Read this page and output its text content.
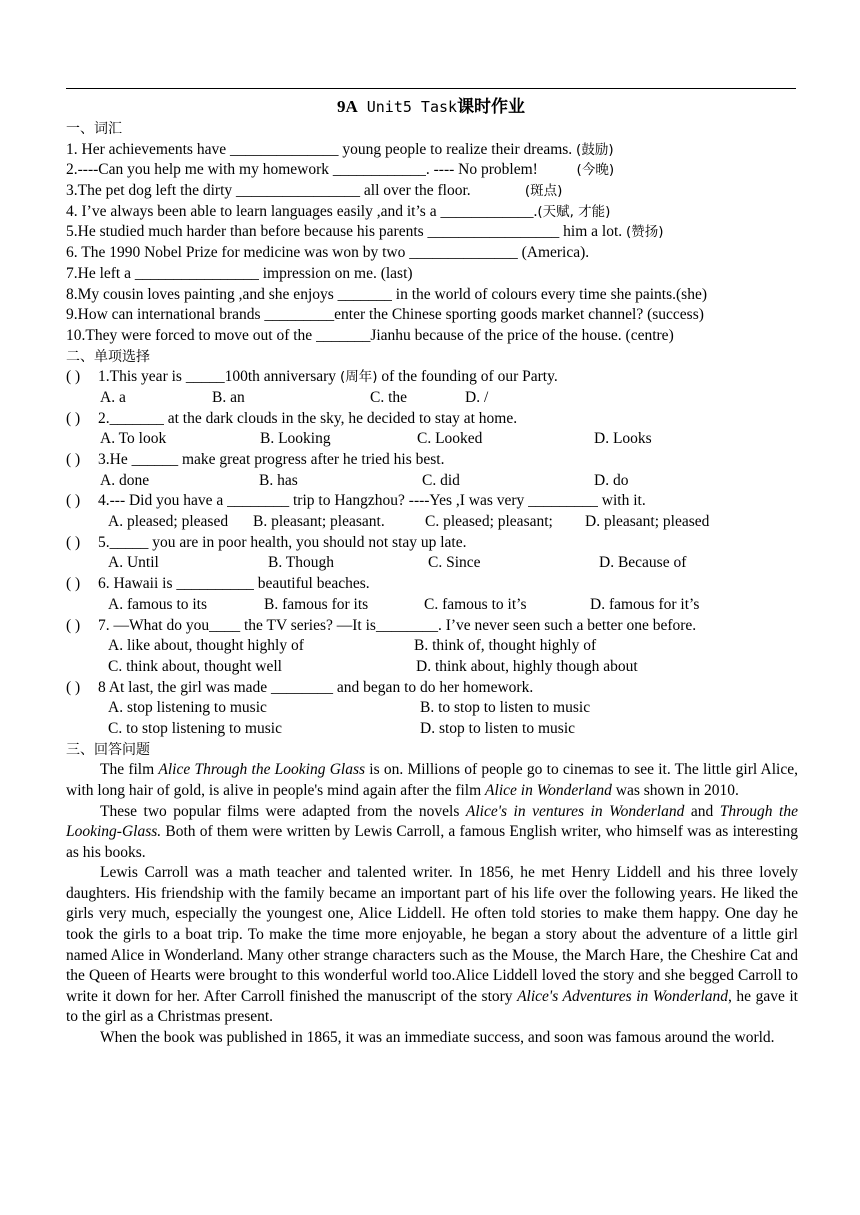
9A Unit5 Task课时作业
一、词汇
1. Her achievements have ______________ young people to realize their dreams. (鼓励)
2.----Can you help me with my homework ____________. ---- No problem!          (今晚)
3.The pet dog left the dirty ________________ all over the floor.              (斑点)
4. I’ve always been able to learn languages easily ,and it’s a ____________.(天赋, 才能)
5.He studied much harder than before because his parents _________________ him a lot. (赞扬)
6. The 1990 Nobel Prize for medicine was won by two ______________ (America).
7.He left a ________________ impression on me. (last)
8.My cousin loves painting ,and she enjoys _______ in the world of colours every time she paints.(she)
9.How can international brands _________enter the Chinese sporting goods market channel? (success)
10.They were forced to move out of the _______Jianhu because of the price of the house. (centre)
二、单项选择
( ) 1.This year is _____100th anniversary (周年) of the founding of our Party.
A. a	B. an	C. the	D. /
( ) 2._______ at the dark clouds in the sky, he decided to stay at home.
A. To look	B. Looking	C. Looked	D. Looks
( ) 3.He ______ make great progress after he tried his best.
A. done	B. has	C. did	D. do
( ) 4.--- Did you have a ________ trip to Hangzhou? ----Yes ,I was very _________ with it.
A. pleased; pleased B. pleasant; pleasant.	C. pleased; pleasant; D. pleasant; pleased
( ) 5._____ you are in poor health, you should not stay up late.
A. Until	B. Though	C. Since	D. Because of
( ) 6. Hawaii is __________ beautiful beaches.
A. famous to its	B. famous for its	C. famous to it’s	D. famous for it’s
( ) 7. —What do you____ the TV series? —It is________. I’ve never seen such a better one before.
A. like about, thought highly of	B. think of, thought highly of
C. think about, thought well	D. think about, highly though about
( ) 8 At last, the girl was made ________ and began to do her homework.
A. stop listening to music	B. to stop to listen to music
C. to stop listening to music	D. stop to listen to music
三、回答问题

The film Alice Through the Looking Glass is on. Millions of people go to cinemas to see it. The little girl Alice, with long hair of gold, is alive in people's mind again after the film Alice in Wonderland was shown in 2010.

These two popular films were adapted from the novels Alice's in ventures in Wonderland and Through the Looking-Glass. Both of them were written by Lewis Carroll, a famous English writer, who himself was as interesting as his books.

Lewis Carroll was a math teacher and talented writer. In 1856, he met Henry Liddell and his three lovely daughters. His friendship with the family became an important part of his life over the following years. He liked the girls very much, especially the youngest one, Alice Liddell. He often told stories to make them happy. One day he took the girls to a boat trip. To make the time more enjoyable, he began a story about the adventure of a little girl named Alice in Wonderland. Many other strange characters such as the Mouse, the March Hare, the Cheshire Cat and the Queen of Hearts were brought to this wonderful world too.Alice Liddell loved the story and she begged Carroll to write it down for her. After Carroll finished the manuscript of the story Alice's Adventures in Wonderland, he gave it to the girl as a Christmas present.

When the book was published in 1865, it was an immediate success, and soon was famous around the world.
